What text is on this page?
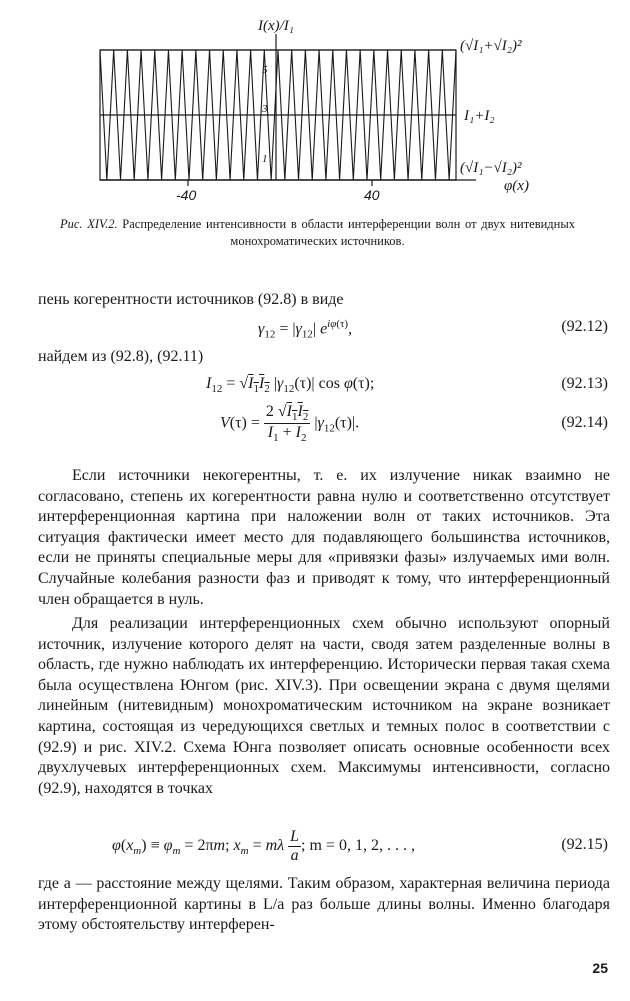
5
3
1
I(x)/I₁
φ(x)
-40	40
(√I₁+√I₂)²
I₁+I₂
(√I₁−√I₂)²
Рис. XIV.2. Распределение интенсивности в области интерференции волн от двух нитевидных монохроматических источников.
пень когерентности источников (92.8) в виде
$\gamma_{12} = |\gamma_{12}|$ $e^{i\varphi(\tau)}$,	(92.12)
найдем из (92.8), (92.11)
$I_{12} = √I_1I_2$ $|\gamma_{12}(\tau)|$ cos φ(τ);	(92.13)
$V(\tau) = \frac{2 √I_1I_2}{I_1 + I_2} |\gamma_{12}(\tau)|$.	(92.14)
Если источники некогерентны, т. е. их излучение никак взаимно не согласовано, степень их когерентности равна нулю и соответственно отсутствует интерференционная картина при наложении волн от таких источников. Эта ситуация фактически имеет место для подавляющего большинства источников, если не приняты специальные меры для «привязки фазы» излучаемых ими волн. Случайные колебания разности фаз и приводят к тому, что интерференционный член обращается в нуль.
Для реализации интерференционных схем обычно используют опорный источник, излучение которого делят на части, сводя затем разделенные волны в область, где нужно наблюдать их интерференцию. Исторически первая такая схема была осуществлена Юнгом (рис. XIV.3). При освещении экрана с двумя щелями линейным (нитевидным) монохроматическим источником на экране возникает картина, состоящая из чередующихся светлых и темных полос в соответствии с (92.9) и рис. XIV.2. Схема Юнга позволяет описать основные особенности всех двухлучевых интерференционных схем. Максимумы интенсивности, согласно (92.9), находятся в точках
$\varphi(x_m) \equiv \varphi_m = 2\pi m$; $x_m = m\lambda \frac{L}{a}$ ; m = 0, 1, 2, . . . ,	(92.15)
где a — расстояние между щелями. Таким образом, характерная величина периода интерференционной картины в L/a раз больше длины волны. Именно благодаря этому обстоятельству интерферен-
25
